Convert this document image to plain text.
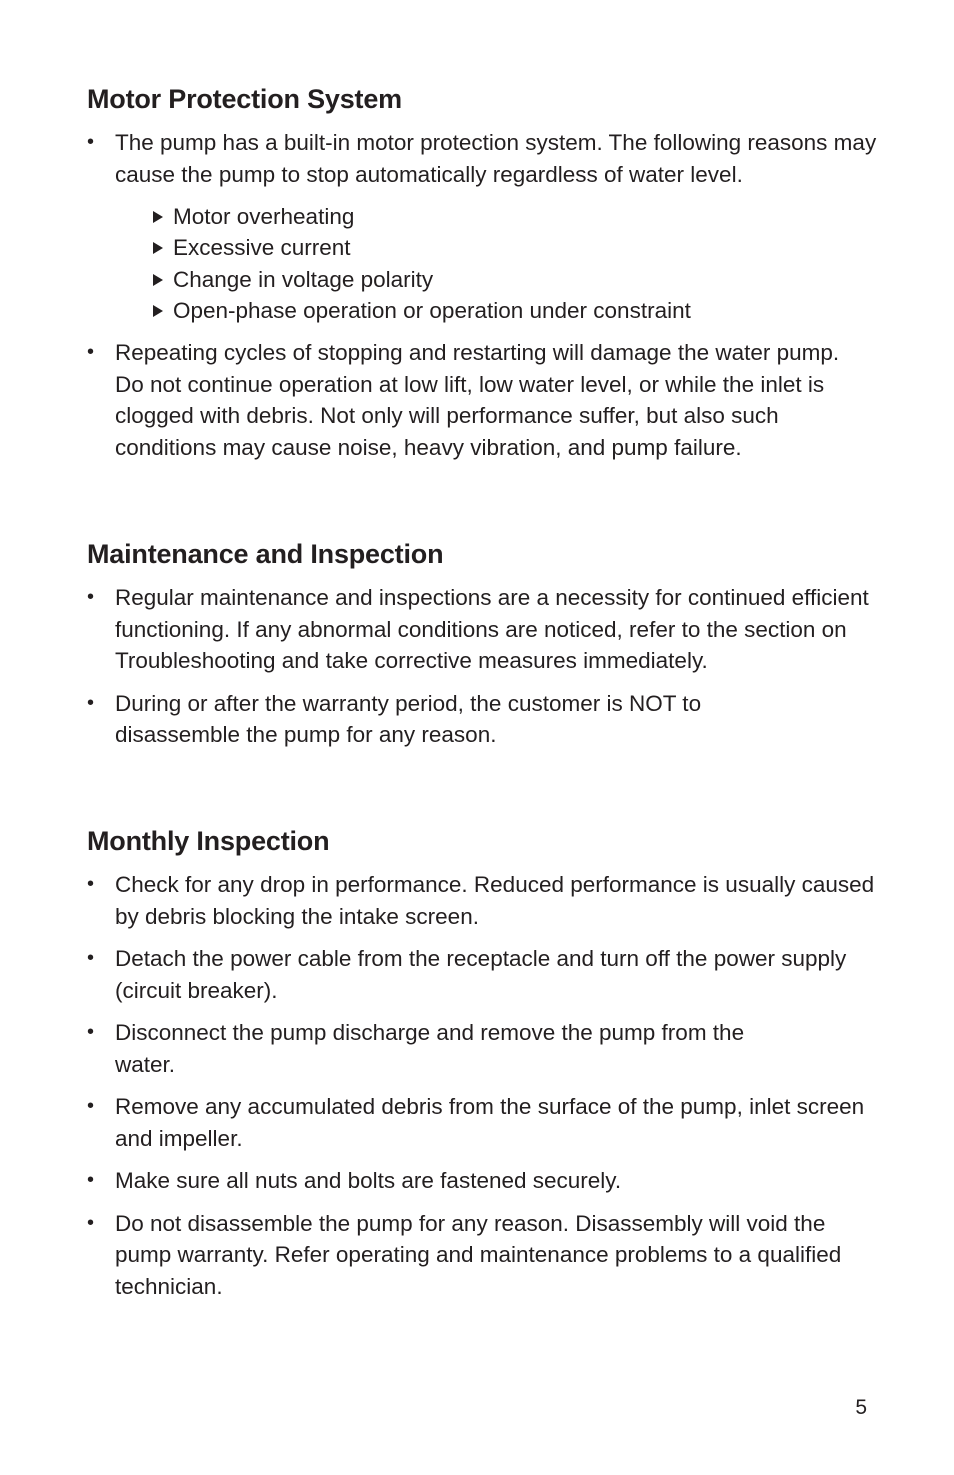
Motor Protection System
• The pump has a built-in motor protection system. The following reasons may cause the pump to stop automatically regardless of water level.
Motor overheating
Excessive current
Change in voltage polarity
Open-phase operation or operation under constraint
• Repeating cycles of stopping and restarting will damage the water pump. Do not continue operation at low lift, low water level, or while the inlet is clogged with debris. Not only will performance suffer, but also such conditions may cause noise, heavy vibration, and pump failure.
Maintenance and Inspection
• Regular maintenance and inspections are a necessity for continued efficient functioning. If any abnormal conditions are noticed, refer to the section on Troubleshooting and take corrective measures immediately.
• During or after the warranty period, the customer is NOT to disassemble the pump for any reason.
Monthly Inspection
• Check for any drop in performance. Reduced performance is usually caused by debris blocking the intake screen.
• Detach the power cable from the receptacle and turn off the power supply (circuit breaker).
• Disconnect the pump discharge and remove the pump from the water.
• Remove any accumulated debris from the surface of the pump, inlet screen and impeller.
• Make sure all nuts and bolts are fastened securely.
• Do not disassemble the pump for any reason. Disassembly will void the pump warranty. Refer operating and maintenance problems to a qualified technician.
5
